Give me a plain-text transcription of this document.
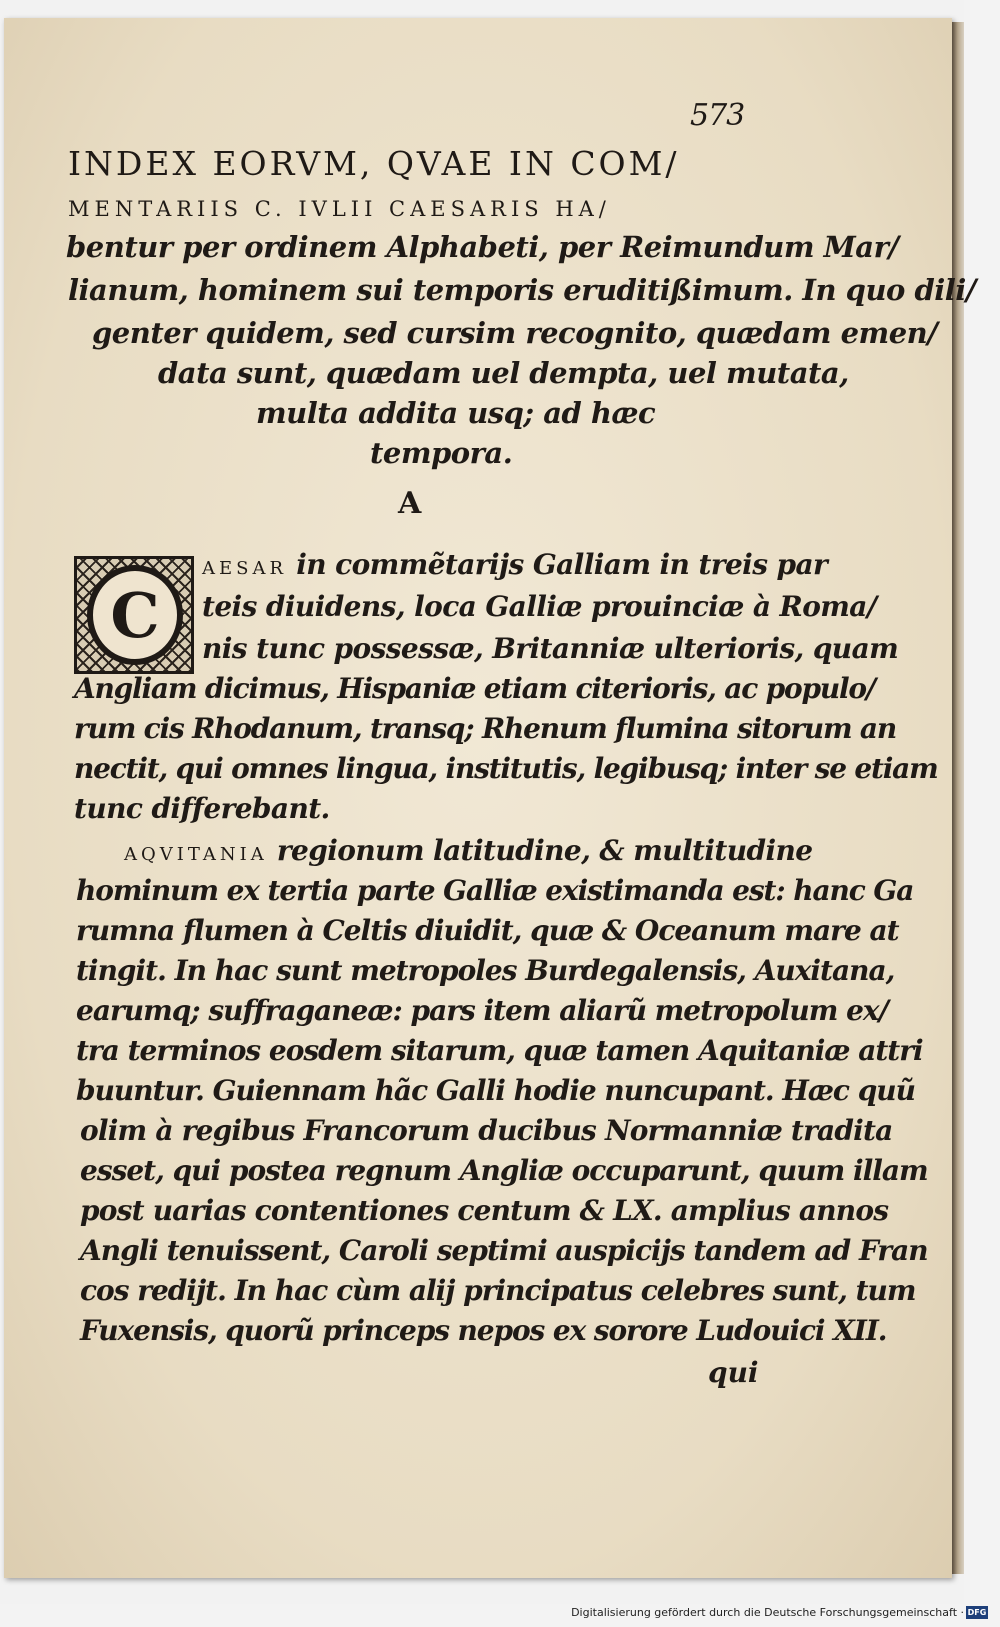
573
INDEX EORVM, QVAE IN COM/
MENTARIIS C. IVLII CAESARIS HA/
bentur per ordinem Alphabeti, per Reimundum Mar/
lianum, hominem sui temporis eruditißimum. In quo dili/
genter quidem, sed cursim recognito, quædam emen/
data sunt, quædam uel dempta, uel mutata,
multa addita usq; ad hæc
tempora.
A
C
AESAR in commẽtarijs Galliam in treis par
teis diuidens, loca Galliæ prouinciæ à Roma/
nis tunc possessæ, Britanniæ ulterioris, quam
Angliam dicimus, Hispaniæ etiam citerioris, ac populo/
rum cis Rhodanum, transq; Rhenum flumina sitorum an
nectit, qui omnes lingua, institutis, legibusq; inter se etiam
tunc differebant.
AQVITANIA regionum latitudine, & multitudine
hominum ex tertia parte Galliæ existimanda est: hanc Ga
rumna flumen à Celtis diuidit, quæ & Oceanum mare at
tingit. In hac sunt metropoles Burdegalensis, Auxitana,
earumq; suffraganeæ: pars item aliarũ metropolum ex/
tra terminos eosdem sitarum, quæ tamen Aquitaniæ attri
buuntur. Guiennam hãc Galli hodie nuncupant. Hæc quũ
olim à regibus Francorum ducibus Normanniæ tradita
esset, qui postea regnum Angliæ occuparunt, quum illam
post uarias contentiones centum & LX. amplius annos
Angli tenuissent, Caroli septimi auspicijs tandem ad Fran
cos redijt. In hac cùm alij principatus celebres sunt, tum
Fuxensis, quorũ princeps nepos ex sorore Ludouici XII.
qui
Digitalisierung gefördert durch die Deutsche Forschungsgemeinschaft · DFG
